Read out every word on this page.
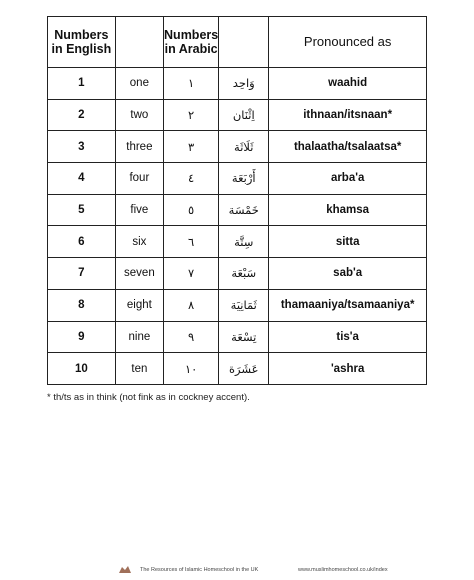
Numbers in English		Numbers in Arabic		Pronounced as
1	one	١	وَاحِد	waahid
2	two	٢	اِثْنَان	ithnaan/itsnaan*
3	three	٣	ثَلَاثَة	thalaatha/tsalaatsa*
4	four	٤	أَرْبَعَة	arba'a
5	five	٥	خَمْسَة	khamsa
6	six	٦	سِتَّة	sitta
7	seven	٧	سَبْعَة	sab'a
8	eight	٨	ثَمَانِيَة	thamaaniya/tsamaaniya*
9	nine	٩	تِسْعَة	tis'a
10	ten	١٠	عَشَرَة	'ashra
* th/ts as in think (not fink as in cockney accent).
The Resources of Islamic Homeschool in the UK	www.muslimhomeschool.co.uk/index
